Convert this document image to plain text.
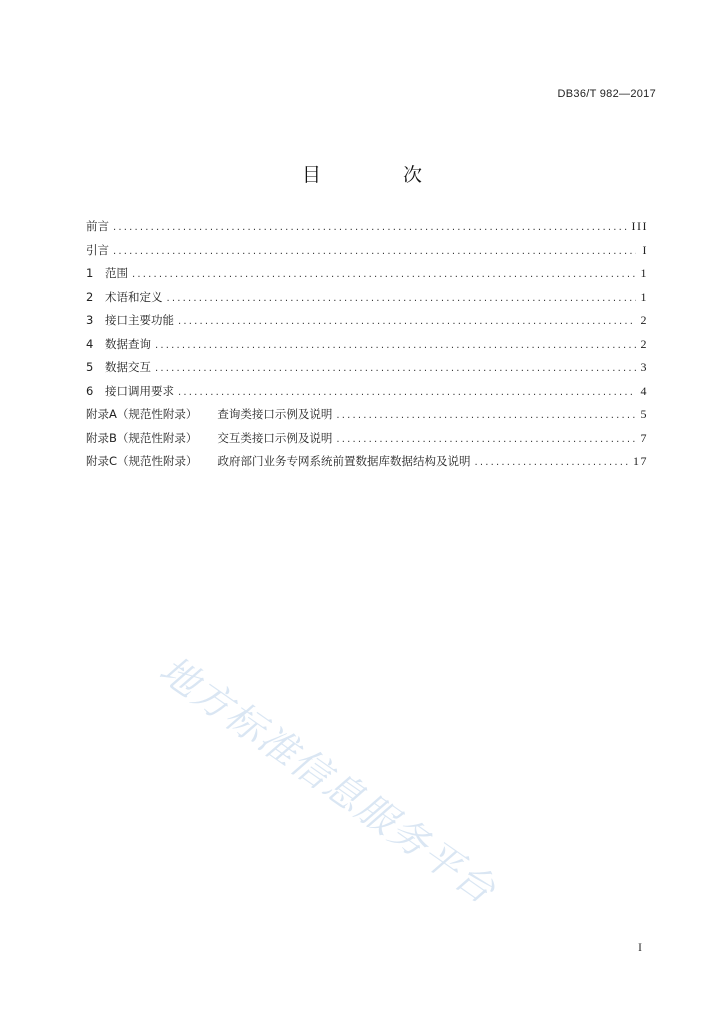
DB36/T 982—2017
目 次
前言 .....	III
引言 .....	I
1	范围 .....	1
2	术语和定义 .....	1
3	接口主要功能 .....	2
4	数据查询 .....	2
5	数据交互 .....	3
6	接口调用要求 .....	4
附录A（规范性附录） 查询类接口示例及说明 .....	5
附录B（规范性附录） 交互类接口示例及说明 .....	7
附录C（规范性附录） 政府部门业务专网系统前置数据库数据结构及说明 .....	17
地方标准信息服务平台
I
